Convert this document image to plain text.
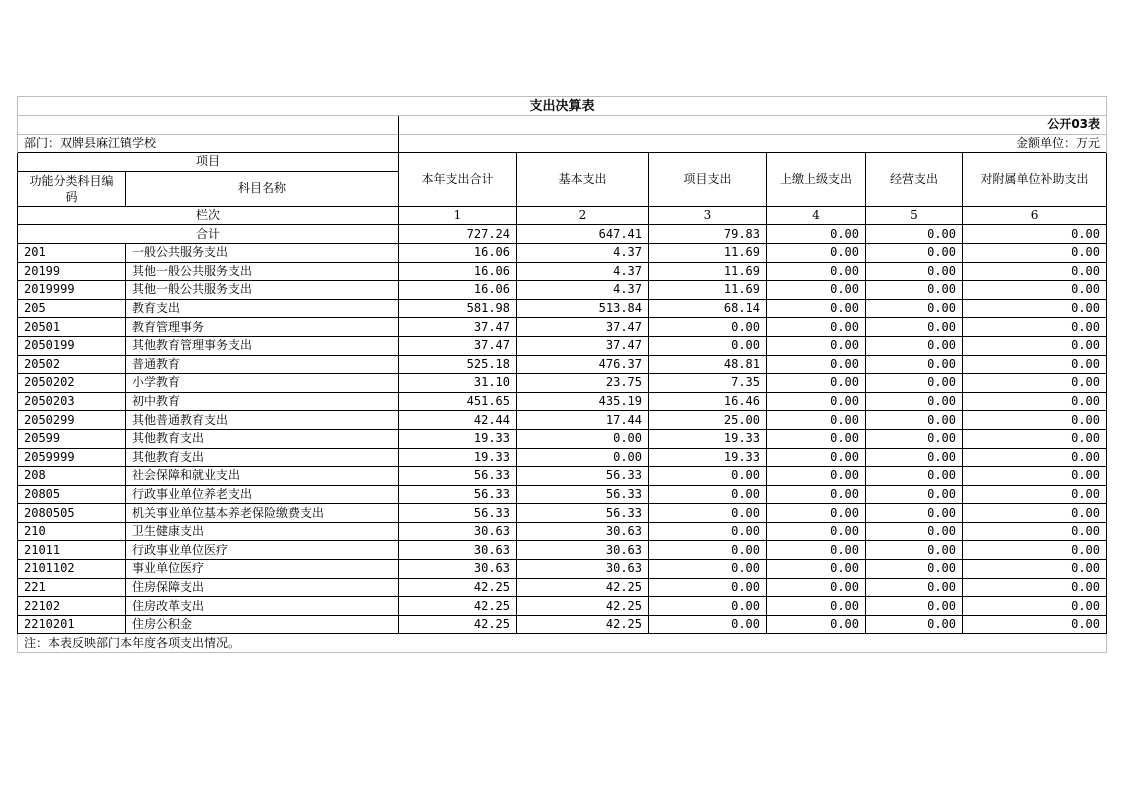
支出决算表							
		公开03表					
部门：双牌县麻江镇学校		金额单位：万元					
项目		本年支出合计	基本支出	项目支出	上缴上级支出	经营支出	对附属单位补助支出
功能分类科目编码	科目名称						
栏次		1	2	3	4	5	6
合计		727.24	647.41	79.83	0.00	0.00	0.00
201	一般公共服务支出	16.06	4.37	11.69	0.00	0.00	0.00
20199	其他一般公共服务支出	16.06	4.37	11.69	0.00	0.00	0.00
2019999	其他一般公共服务支出	16.06	4.37	11.69	0.00	0.00	0.00
205	教育支出	581.98	513.84	68.14	0.00	0.00	0.00
20501	教育管理事务	37.47	37.47	0.00	0.00	0.00	0.00
2050199	其他教育管理事务支出	37.47	37.47	0.00	0.00	0.00	0.00
20502	普通教育	525.18	476.37	48.81	0.00	0.00	0.00
2050202	小学教育	31.10	23.75	7.35	0.00	0.00	0.00
2050203	初中教育	451.65	435.19	16.46	0.00	0.00	0.00
2050299	其他普通教育支出	42.44	17.44	25.00	0.00	0.00	0.00
20599	其他教育支出	19.33	0.00	19.33	0.00	0.00	0.00
2059999	其他教育支出	19.33	0.00	19.33	0.00	0.00	0.00
208	社会保障和就业支出	56.33	56.33	0.00	0.00	0.00	0.00
20805	行政事业单位养老支出	56.33	56.33	0.00	0.00	0.00	0.00
2080505	机关事业单位基本养老保险缴费支出	56.33	56.33	0.00	0.00	0.00	0.00
210	卫生健康支出	30.63	30.63	0.00	0.00	0.00	0.00
21011	行政事业单位医疗	30.63	30.63	0.00	0.00	0.00	0.00
2101102	事业单位医疗	30.63	30.63	0.00	0.00	0.00	0.00
221	住房保障支出	42.25	42.25	0.00	0.00	0.00	0.00
22102	住房改革支出	42.25	42.25	0.00	0.00	0.00	0.00
2210201	住房公积金	42.25	42.25	0.00	0.00	0.00	0.00
注：本表反映部门本年度各项支出情况。							
